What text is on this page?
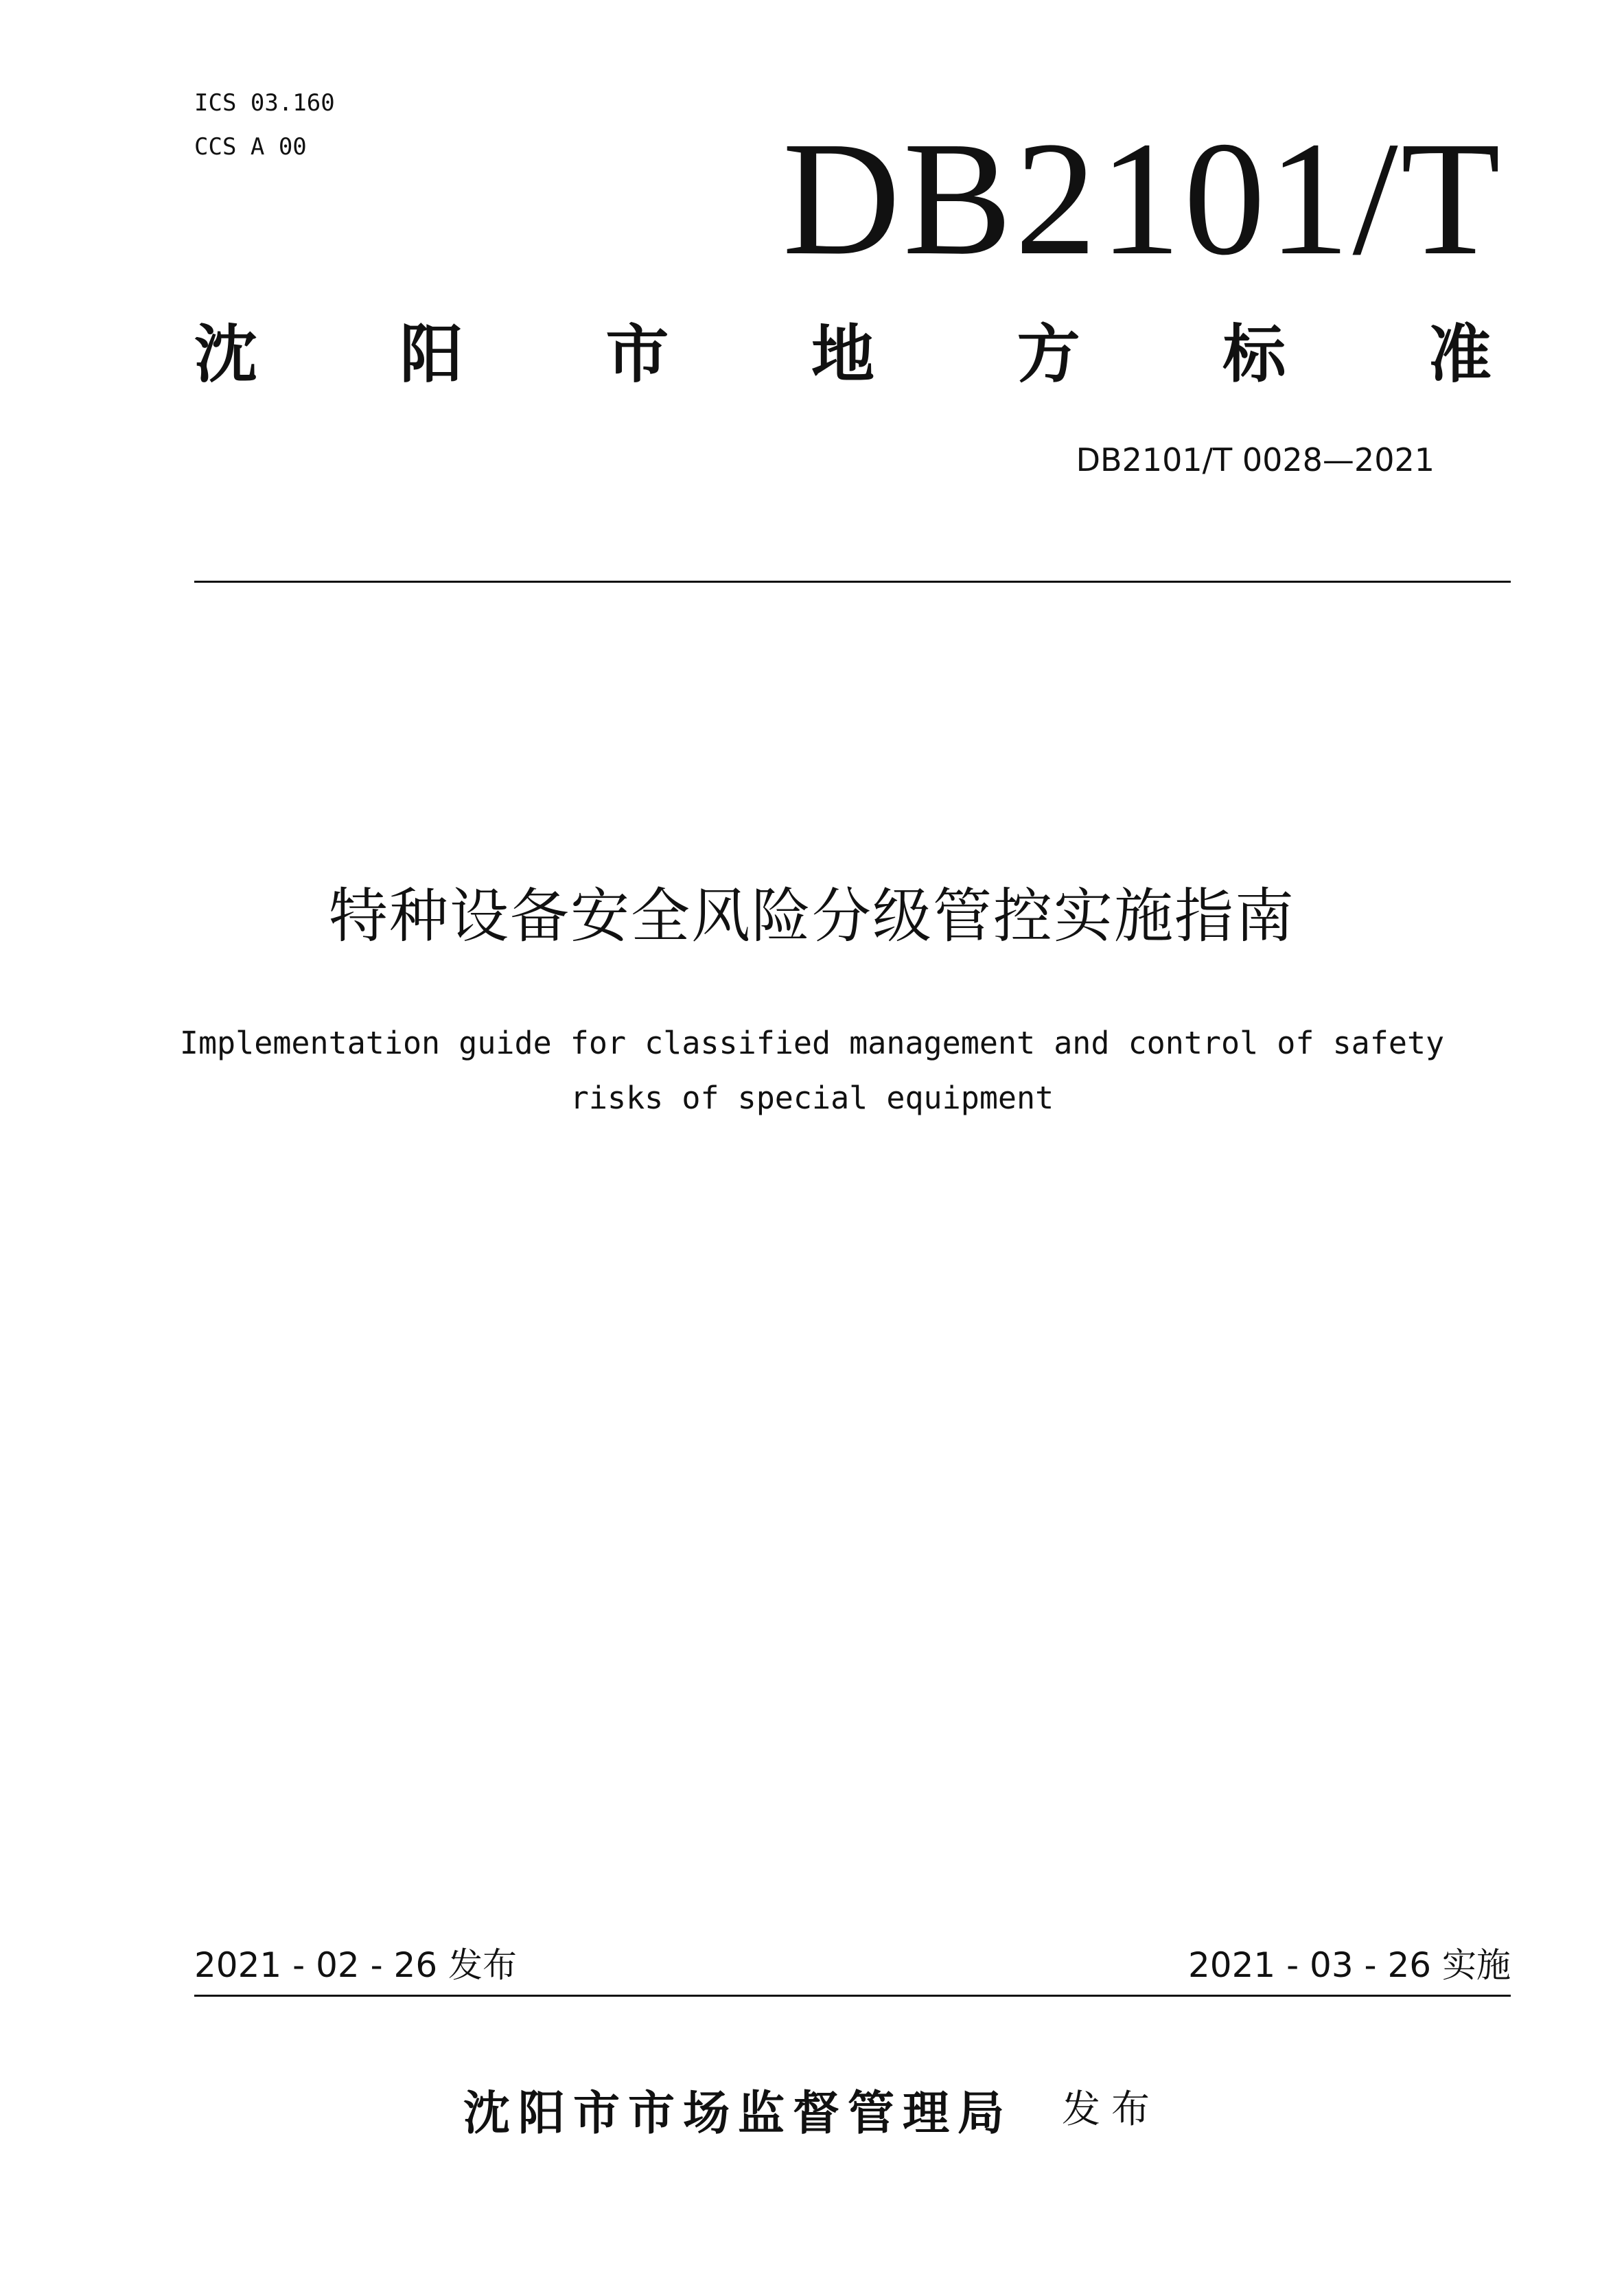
ICS 03.160
CCS A 00	DB2101/T
沈 阳 市 地 方 标 准
DB2101/T 0028—2021
特种设备安全风险分级管控实施指南
Implementation guide for classified management and control of safety
risks of special equipment
2021 - 02 - 26 发布	2021 - 03 - 26 实施
沈阳市市场监督管理局 发布
